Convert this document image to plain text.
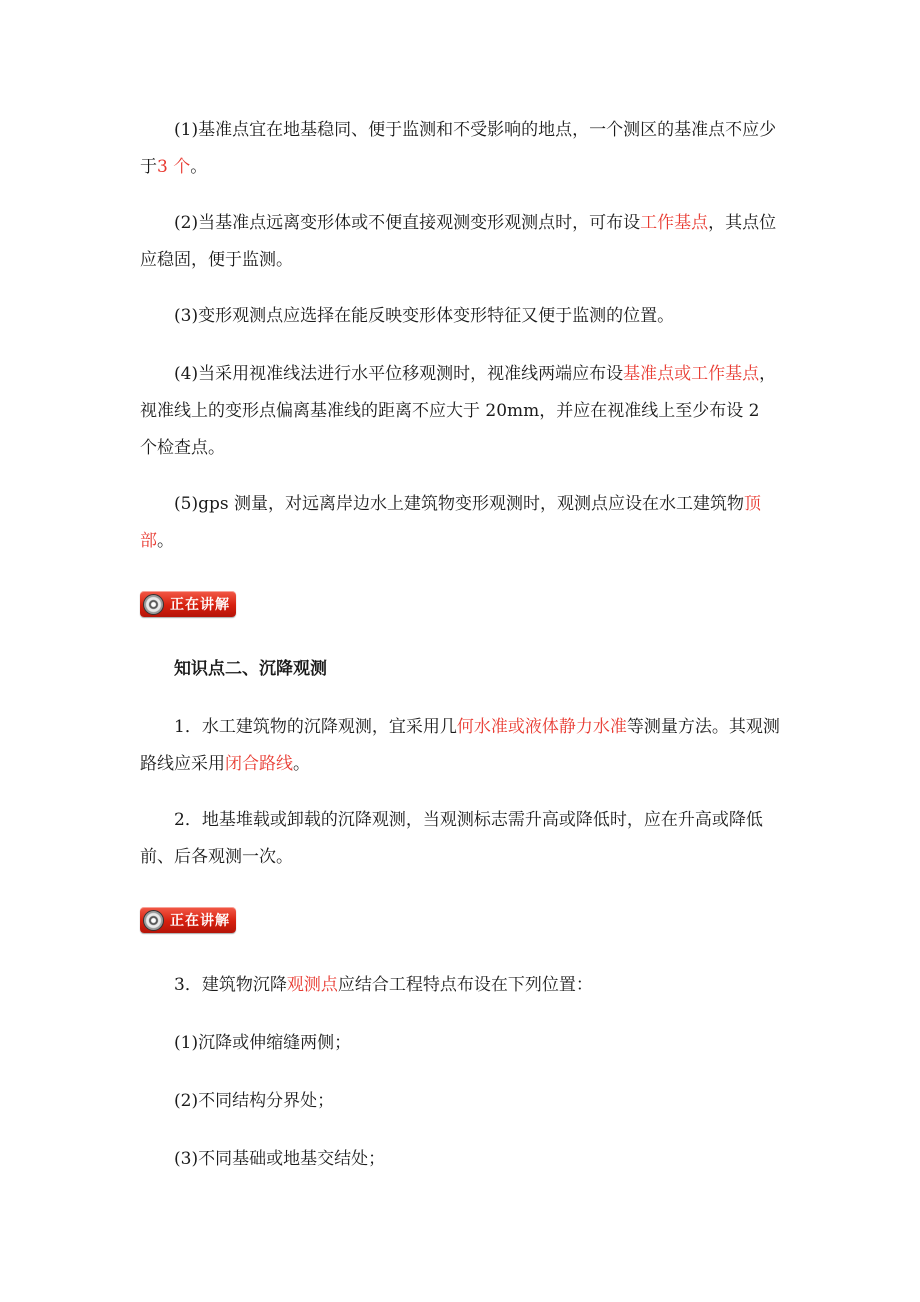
(1)基准点宜在地基稳同、便于监测和不受影响的地点，一个测区的基准点不应少于3 个。

(2)当基准点远离变形体或不便直接观测变形观测点时，可布设工作基点，其点位应稳固，便于监测。

(3)变形观测点应选择在能反映变形体变形特征又便于监测的位置。

(4)当采用视准线法进行水平位移观测时，视准线两端应布设基准点或工作基点，视准线上的变形点偏离基准线的距离不应大于 20mm，并应在视准线上至少布设 2 个检查点。

(5)gps 测量，对远离岸边水上建筑物变形观测时，观测点应设在水工建筑物顶部。

正在讲解

知识点二、沉降观测

1．水工建筑物的沉降观测，宜采用几何水准或液体静力水准等测量方法。其观测路线应采用闭合路线。

2．地基堆载或卸载的沉降观测，当观测标志需升高或降低时，应在升高或降低前、后各观测一次。

正在讲解

3．建筑物沉降观测点应结合工程特点布设在下列位置：

(1)沉降或伸缩缝两侧；

(2)不同结构分界处；

(3)不同基础或地基交结处；
